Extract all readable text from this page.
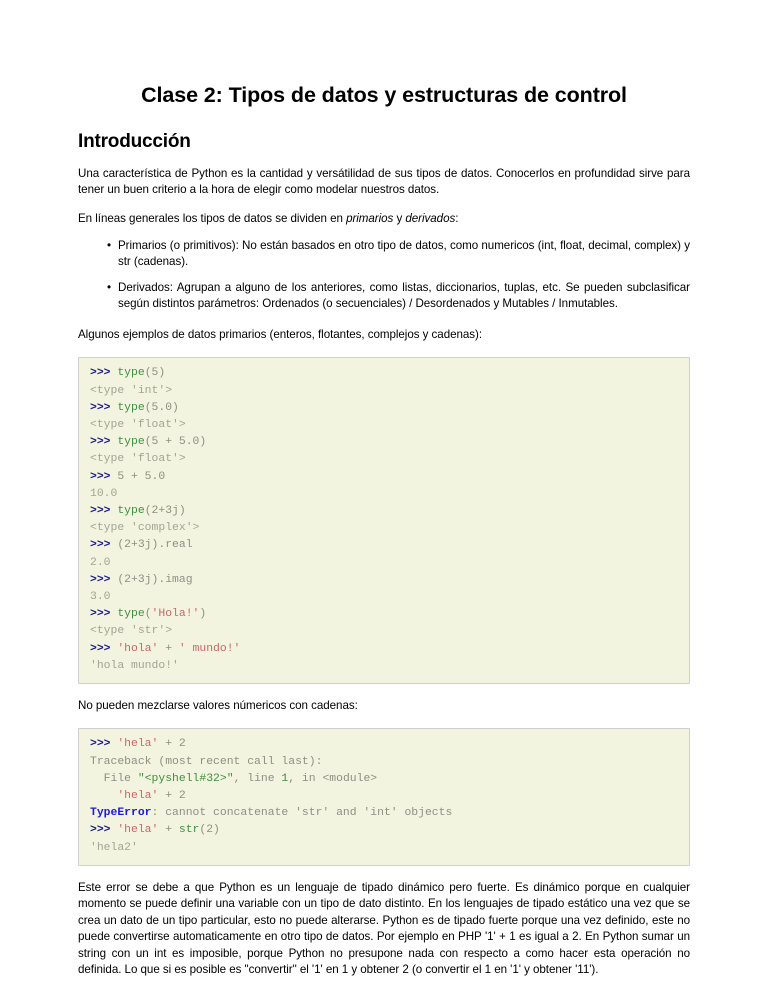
Clase 2: Tipos de datos y estructuras de control
Introducción

Una característica de Python es la cantidad y versátilidad de sus tipos de datos. Conocerlos en profundidad sirve para tener un buen criterio a la hora de elegir como modelar nuestros datos.

En líneas generales los tipos de datos se dividen en primarios y derivados:

• Primarios (o primitivos): No están basados en otro tipo de datos, como numericos (int, float, decimal, complex) y str (cadenas).
• Derivados: Agrupan a alguno de los anteriores, como listas, diccionarios, tuplas, etc. Se pueden subclasificar según distintos parámetros: Ordenados (o secuenciales) / Desordenados y Mutables / Inmutables.

Algunos ejemplos de datos primarios (enteros, flotantes, complejos y cadenas):

>>> type(5)
<type 'int'>
>>> type(5.0)
<type 'float'>
>>> type(5 + 5.0)
<type 'float'>
>>> 5 + 5.0
10.0
>>> type(2+3j)
<type 'complex'>
>>> (2+3j).real
2.0
>>> (2+3j).imag
3.0
>>> type('Hola!')
<type 'str'>
>>> 'hola' + ' mundo!'
'hola mundo!'

No pueden mezclarse valores númericos con cadenas:

>>> 'hela' + 2
Traceback (most recent call last):
File "<pyshell#32>", line 1, in <module>
'hela' + 2
TypeError: cannot concatenate 'str' and 'int' objects
>>> 'hela' + str(2)
'hela2'

Este error se debe a que Python es un lenguaje de tipado dinámico pero fuerte. Es dinámico porque en cualquier momento se puede definir una variable con un tipo de dato distinto. En los lenguajes de tipado estático una vez que se crea un dato de un tipo particular, esto no puede alterarse. Python es de tipado fuerte porque una vez definido, este no puede convertirse automaticamente en otro tipo de datos. Por ejemplo en PHP '1' + 1 es igual a 2. En Python sumar un string con un int es imposible, porque Python no presupone nada con respecto a como hacer esta operación no definida. Lo que si es posible es "convertir" el '1' en 1 y obtener 2 (o convertir el 1 en '1' y obtener '11').
